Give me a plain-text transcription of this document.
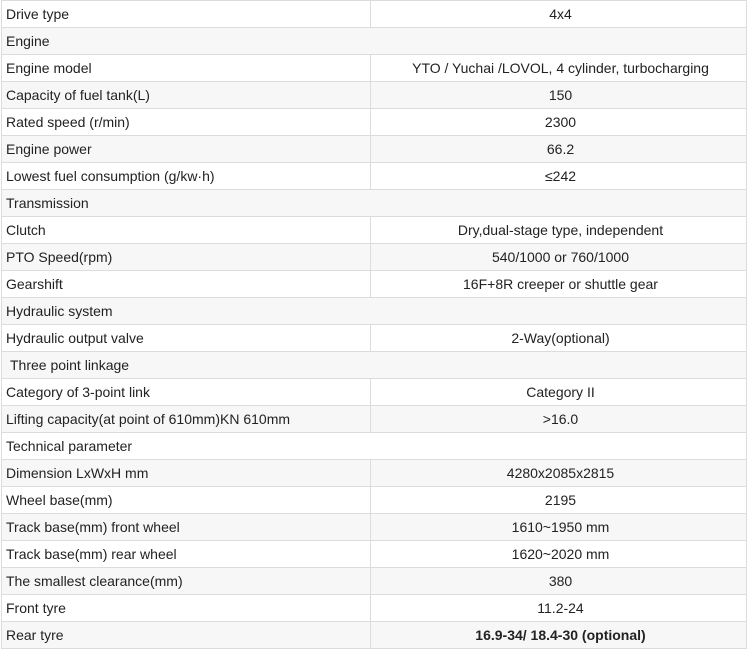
Drive type	4x4
Engine	
Engine model	YTO / Yuchai /LOVOL, 4 cylinder, turbocharging
Capacity of fuel tank(L)	150
Rated speed (r/min)	2300
Engine power	66.2
Lowest fuel consumption (g/kw·h)	≤242
Transmission	
Clutch	Dry,dual-stage type, independent
PTO Speed(rpm)	540/1000 or 760/1000
Gearshift	16F+8R creeper or shuttle gear
Hydraulic system	
Hydraulic output valve	2-Way(optional)
Three point linkage	
Category of 3-point link	Category II
Lifting capacity(at point of 610mm)KN 610mm	>16.0
Technical parameter	
Dimension LxWxH mm	4280x2085x2815
Wheel base(mm)	2195
Track base(mm) front wheel	1610~1950 mm
Track base(mm) rear wheel	1620~2020 mm
The smallest clearance(mm)	380
Front tyre	11.2-24
Rear tyre	16.9-34/ 18.4-30 (optional)
